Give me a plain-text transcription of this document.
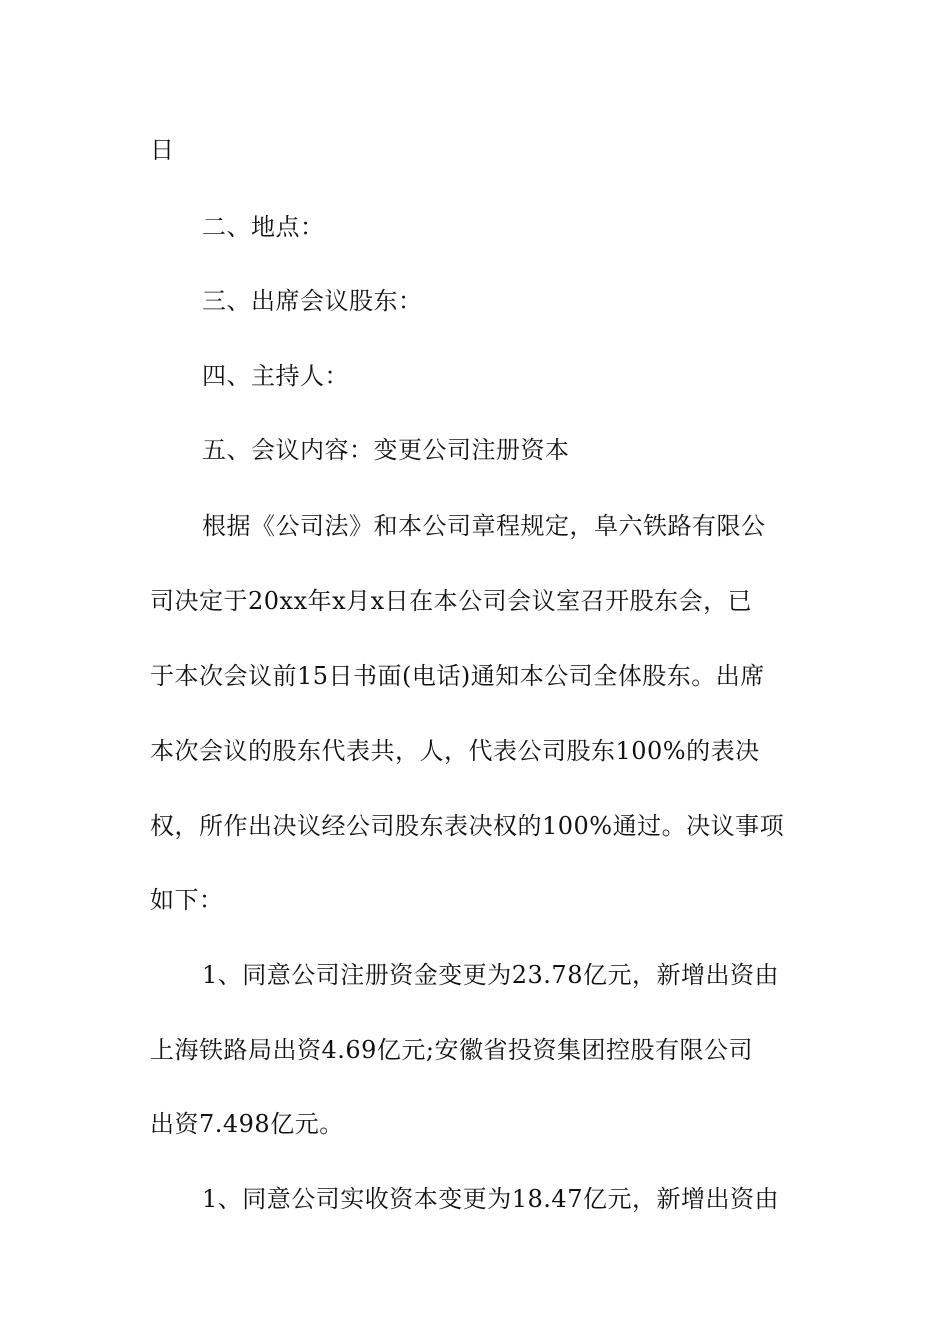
日
二、地点：
三、出席会议股东：
四、主持人：
五、会议内容：变更公司注册资本
根据《公司法》和本公司章程规定，阜六铁路有限公
司决定于20xx年x月x日在本公司会议室召开股东会，已
于本次会议前15日书面(电话)通知本公司全体股东。出席
本次会议的股东代表共，人，代表公司股东100%的表决
权，所作出决议经公司股东表决权的100%通过。决议事项
如下：
1、同意公司注册资金变更为23.78亿元，新增出资由
上海铁路局出资4.69亿元;安徽省投资集团控股有限公司
出资7.498亿元。
1、同意公司实收资本变更为18.47亿元，新增出资由
